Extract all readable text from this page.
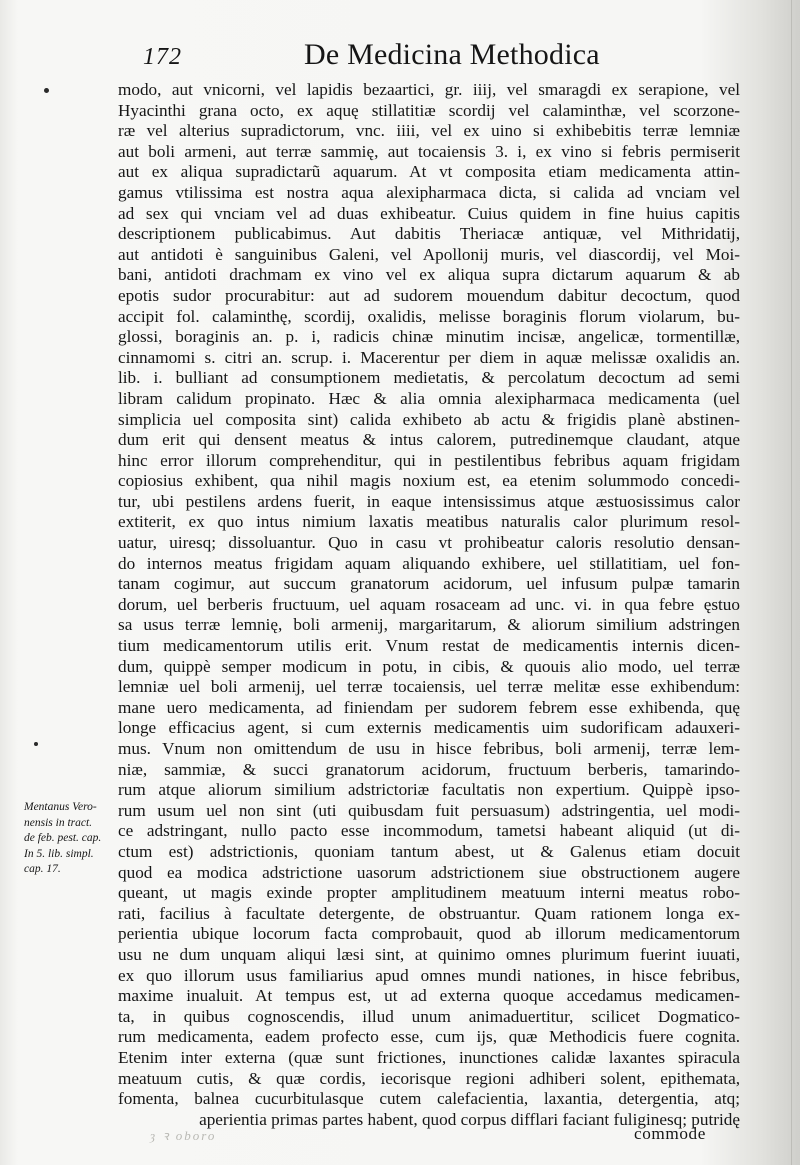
172	De Medicina Methodica
Mentanus Vero-
nensis in tract.
de feb. pest. cap.
In 5. lib. simpl.
cap. 17.
modo, aut vnicorni, vel lapidis bezaartici, gr. iiij, vel smaragdi ex serapione, vel
Hyacinthi grana octo, ex aquę stillatitiæ scordij vel calaminthæ, vel scorzone-
ræ vel alterius supradictorum, vnc. iiii, vel ex uino si exhibebitis terræ lemniæ
aut boli armeni, aut terræ sammię, aut tocaiensis 3. i, ex vino si febris permiserit
aut ex aliqua supradictarũ aquarum. At vt composita etiam medicamenta attin-
gamus vtilissima est nostra aqua alexipharmaca dicta, si calida ad vnciam vel
ad sex qui vnciam vel ad duas exhibeatur. Cuius quidem in fine huius capitis
descriptionem publicabimus. Aut dabitis Theriacæ antiquæ, vel Mithridatij,
aut antidoti è sanguinibus Galeni, vel Apollonij muris, vel diascordij, vel Moi-
bani, antidoti drachmam ex vino vel ex aliqua supra dictarum aquarum & ab
epotis sudor procurabitur: aut ad sudorem mouendum dabitur decoctum, quod
accipit fol. calaminthę, scordij, oxalidis, melisse boraginis florum violarum, bu-
glossi, boraginis an. p. i, radicis chinæ minutim incisæ, angelicæ, tormentillæ,
cinnamomi s. citri an. scrup. i. Macerentur per diem in aquæ melissæ oxalidis an.
lib. i. bulliant ad consumptionem medietatis, & percolatum decoctum ad semi
libram calidum propinato. Hæc & alia omnia alexipharmaca medicamenta (uel
simplicia uel composita sint) calida exhibeto ab actu & frigidis planè abstinen-
dum erit qui densent meatus & intus calorem, putredinemque claudant, atque
hinc error illorum comprehenditur, qui in pestilentibus febribus aquam frigidam
copiosius exhibent, qua nihil magis noxium est, ea etenim solummodo concedi-
tur, ubi pestilens ardens fuerit, in eaque intensissimus atque æstuosissimus calor
extiterit, ex quo intus nimium laxatis meatibus naturalis calor plurimum resol-
uatur, uiresq; dissoluantur. Quo in casu vt prohibeatur caloris resolutio densan-
do internos meatus frigidam aquam aliquando exhibere, uel stillatitiam, uel fon-
tanam cogimur, aut succum granatorum acidorum, uel infusum pulpæ tamarin
dorum, uel berberis fructuum, uel aquam rosaceam ad unc. vi. in qua febre ęstuo
sa usus terræ lemnię, boli armenij, margaritarum, & aliorum similium adstringen
tium medicamentorum utilis erit. Vnum restat de medicamentis internis dicen-
dum, quippè semper modicum in potu, in cibis, & quouis alio modo, uel terræ
lemniæ uel boli armenij, uel terræ tocaiensis, uel terræ melitæ esse exhibendum:
mane uero medicamenta, ad finiendam per sudorem febrem esse exhibenda, quę
longe efficacius agent, si cum externis medicamentis uim sudorificam adauxeri-
mus. Vnum non omittendum de usu in hisce febribus, boli armenij, terræ lem-
niæ, sammiæ, & succi granatorum acidorum, fructuum berberis, tamarindo-
rum atque aliorum similium adstrictoriæ facultatis non expertium. Quippè ipso-
rum usum uel non sint (uti quibusdam fuit persuasum) adstringentia, uel modi-
ce adstringant, nullo pacto esse incommodum, tametsi habeant aliquid (ut di-
ctum est) adstrictionis, quoniam tantum abest, ut & Galenus etiam docuit
quod ea modica adstrictione uasorum adstrictionem siue obstructionem augere
queant, ut magis exinde propter amplitudinem meatuum interni meatus robo-
rati, facilius à facultate detergente, de obstruantur. Quam rationem longa ex-
perientia ubique locorum facta comprobauit, quod ab illorum medicamentorum
usu ne dum unquam aliqui læsi sint, at quinimo omnes plurimum fuerint iuuati,
ex quo illorum usus familiarius apud omnes mundi nationes, in hisce febribus,
maxime inualuit. At tempus est, ut ad externa quoque accedamus medicamen-
ta, in quibus cognoscendis, illud unum animaduertitur, scilicet Dogmatico-
rum medicamenta, eadem profecto esse, cum ijs, quæ Methodicis fuere cognita.
Etenim inter externa (quæ sunt frictiones, inunctiones calidæ laxantes spiracula
meatuum cutis, & quæ cordis, iecorisque regioni adhiberi solent, epithemata,
fomenta, balnea cucurbitulasque cutem calefacientia, laxantia, detergentia, atq;
aperientia primas partes habent, quod corpus difflari faciant fuliginesq; putridę
commode
ȝ ꝛ oboro
